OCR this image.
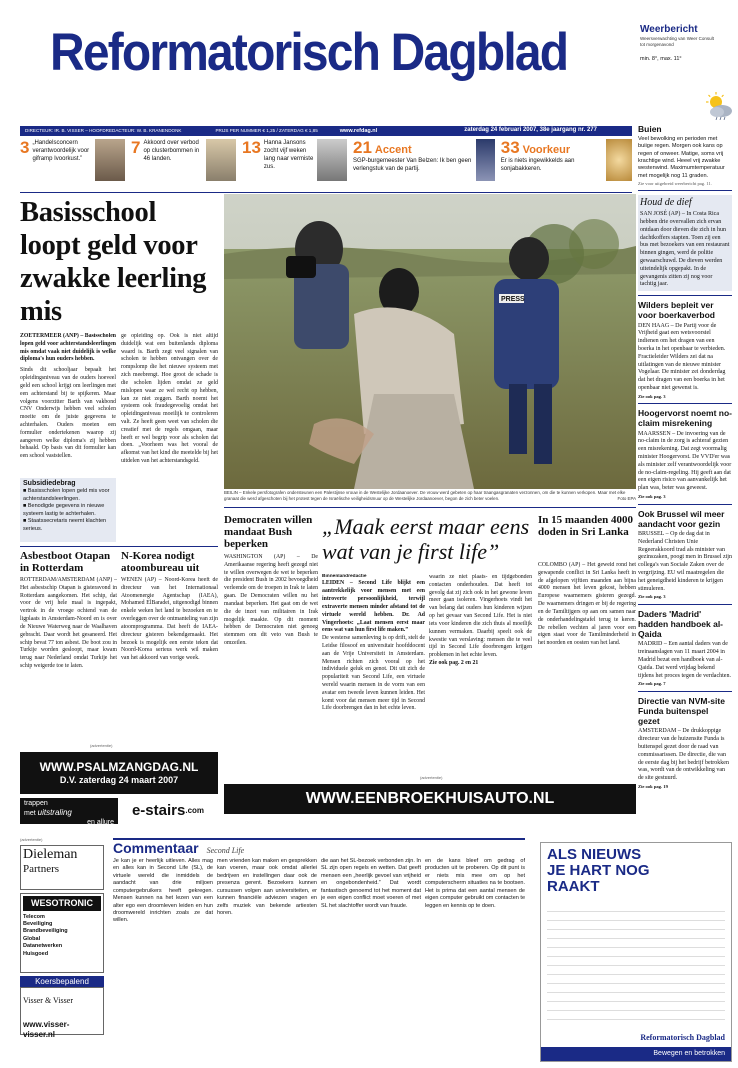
Reformatorisch Dagblad	Weerbericht
Weersverwachting van Weer Consult
tot morgenavond
min. 8°, max. 11°
DIRECTEUR: IR. B. VISSER – HOOFDREDACTEUR: W. B. KRANENDONK	PRIJS PER NUMMER € 1,25 / ZATERDAG € 1,85	www.refdag.nl	zaterdag 24 februari 2007, 38e jaargang nr. 277
3 „Handelsconcern verantwoordelijk voor giframp Ivoorkust.”
7 Akkoord over verbod op clusterbommen in 46 landen.
13 Hanna Jansons zocht vijf weken lang naar vermiste zus.
21 Accent
SGP-burgemeester Van Belzen: Ik ben geen verlengstuk van de partij.
33 Voorkeur
Er is niets ingewikkelds aan sonjabakkeren.
Buien
Veel bewolking en perioden met buiige regen. Morgen ook kans op regen of onweer. Matige, soms vrij krachtige wind. Heeel vrij zwakke westenwind. Maximumtemperatuur met mogelijk nog 11 graden.
Zie voor uitgebreid weerbericht pag. 11.
Houd de dief
SAN JOSÉ (AP) – In Costa Rica hebben drie overvallen zich ervan ontdaan door dieven die zich in hun dachtkoffers stapten. Toen zij een bus met bezoekers van een restaurant binnen gingen, werd de politie gewaarschuwd. De dieven werden uiteindelijk opgepakt. In de gevangenis zitten zij nog voor tachtig jaar.
Wilders bepleit ver voor boerkaverbod
DEN HAAG – De Partij voor de Vrijheid gaat een wetsvoorstel indienen om het dragen van een boerka in het openbaar te verbieden. Fractieleider Wilders zei dat na uitlatingen van de nieuwe minister Vogelaar. De minister zei donderdag dat het dragen van een boerka in het openbaar niet gewenst is.
Zie ook pag. 3
Hoogervorst noemt no-claim misrekening
MAARSSEN – De invoering van de no-claim in de zorg is achteraf gezien een misrekening. Dat zegt voormalig minister Hoogervorst. De VVD'er was als minister zelf verantwoordelijk voor de no-claim-regeling. Hij geeft aan dat een eigen risico van aanvankelijk het plan was, beter was geweest.
Zie ook pag. 3
Ook Brussel wil meer aandacht voor gezin
BRUSSEL – Op de dag dat in Nederland Christen Unie Regeerakkoord trad als minister van gezinszaken, poogt men in Brussel zijn collega's van Sociale Zaken over de vergrijzing. EU wil maatregelen die het geneigdheid kinderen te krijgen stimuleren.
Zie ook pag. 3
Daders 'Madrid' hadden handboek al-Qaida
MADRID – Een aantal daders van de treinaanslagen van 11 maart 2004 in Madrid bezat een handboek van al-Qaida. Dat werd vrijdag bekend tijdens het proces tegen de verdachten.
Zie ook pag. 7
Directie van NVM-site Funda buitenspel gezet
AMSTERDAM – De drukkoppige directeur van de huizensite Funda is buitenspel gezet door de raad van commissarissen. De directie, die van de eerste dag bij het bedrijf betrokken was, wordt van de ontwikkeling van de site gestuurd.
Zie ook pag. 19
Basisschool loopt geld voor zwakke leerling mis
ZOETERMEER (ANP) – Basisscholen lopen geld voor achterstandsleerlingen mis omdat vaak niet duidelijk is welke diploma's hun ouders hebben.
Sinds dit schooljaar bepaalt het opleidingsniveau van de ouders hoeveel geld een school krijgt om leerlingen met een achterstand bij te spijkeren. Maar volgens voorzitter Barth van vakbond CNV Onderwijs hebben veel scholen moeite om de juiste gegevens te achterhalen. Ouders moeten een formulier ondertekenen waarop zij aangeven welke diploma's zij hebben behaald. Op basis van dit formulier kan een school vaststellen.
ge opleiding op. Ook is niet altijd duidelijk wat een buitenlands diploma waard is. Barth zegt veel signalen van scholen te hebben ontvangen over de rompslomp die het nieuwe systeem met zich meebrengt. Hoe groot de schade is die scholen lijden omdat ze geld mislopen waar ze wel recht op hebben, kan ze niet zeggen. Barth noemt het systeem ook fraudegevoelig omdat het opleidingsniveau moeilijk te controleren valt. Ze heeft geen weet van scholen die creatief met de regels omgaan, maar heeft er wel begrip voor als scholen dat doen. „Voorheen was het vooral de afkomst van het kind die meetelde bij het uitdelen van het achterstandsgeld.
Subsidiedebrag
■ Basisscholen lopen geld mis voor achterstandsleerlingen.
■ Benodigde gegevens in nieuwe systeem lastig te achterhalen.
■ Staatssecretaris neemt klachten serieus.
PRESS
BEILIN – Enkele persfotografen ondersteunen een Palestijnse vrouw in de Westelijke Jordaanoever. De vrouw werd gebeten op haar traangasgranaten verzonnen, om die te kunnen verkopen. Maar met elke granaat die werd afgeschoten bij het protest tegen de Israëlische veiligheidsmuur op de Westelijke Jordaanoever, begon de zich beter voelen.	Foto EPA
Asbestboot Otapan in Rotterdam
ROTTERDAM/AMSTERDAM (ANP) – Het asbestschip Otapan is gisteravond in Rotterdam aangekomen. Het schip, dat voor de vrij hele maal is ingepakt, vertrok in de vroege ochtend van de ligplaats in Amsterdam-Noord en is over de Nieuwe Waterweg naar de Waalhaven gebracht. Daar wordt het gesaneerd. Het schip bevat 77 ton asbest. De boot zou in Turkije worden gesloopt, maar kwam terug naar Nederland omdat Turkije het schip weigerde toe te laten.
N-Korea nodigt atoombureau uit
WENEN (AP) – Noord-Korea heeft de directeur van het Internationaal Atoomenergie Agentschap (IAEA), Mohamed ElBaradei, uitgenodigd binnen enkele weken het land te bezoeken en te overleggen over de ontmanteling van zijn atoomprogramma. Dat heeft de IAEA-directeur gisteren bekendgemaakt. Het bezoek is mogelijk een eerste teken dat Noord-Korea serieus werk wil maken van het akkoord van vorige week.
Democraten willen mandaat Bush beperken
WASHINGTON (AP) – De Amerikaanse regering heeft gezegd niet te willen overwegen de wet te beperken die president Bush in 2002 bevoegdheid verleende om de troepen in Irak te laten gaan. De Democraten willen nu het mandaat beperken. Het gaat om de wet die de inzet van militairen in Irak mogelijk maakte. Op dit moment hebben de Democraten niet genoeg stemmen om dit veto van Bush te omzeilen.
„Maak eerst maar eens wat van je first life”
Binnenlandredactie
LEIDEN – Second Life blijkt een aantrekkelijk voor mensen met een introverte persoonlijkheid, terwijl extraverte mensen minder afstand tot de virtuele wereld hebben. Dr. Ad Vingerhoets: „Laat mensen eerst maar eens wat van hun first life maken.”
De westerse samenleving is op drift, stelt de Leidse filosoof en universitair hoofddocent aan de Vrije Universiteit in Amsterdam. Mensen richten zich vooral op het individuele geluk en genot. Dit uit zich de populariteit van Second Life, een virtuele wereld waarin mensen in de vorm van een avatar een tweede leven kunnen leiden. Het komt voor dat mensen meer tijd in Second Life doorbrengen dan in het echte leven.
waarin ze niet plaats- en tijdgebonden contacten onderhouden. Dat heeft tot gevolg dat zij zich ook in het gewone leven meer gaan isoleren. Vingerhoets vindt het van belang dat ouders hun kinderen wijzen op het gevaar van Second Life. Het is niet iets voor kinderen die zich thuis al moeilijk kunnen vermaken. Daarbij speelt ook de kwestie van verslaving: mensen die te veel tijd in Second Life doorbrengen krijgen problemen in het echte leven.
Zie ook pag. 2 en 21
In 15 maanden 4000 doden in Sri Lanka
COLOMBO (AP) – Het geweld rond het gewapende conflict in Sri Lanka heeft in de afgelopen vijftien maanden aan bijna 4000 mensen het leven gekost, hebben Europese waarnemers gisteren gezegd. De waarnemers dringen er bij de regering en de Tamiltijgers op aan om samen naar de onderhandelingstafel terug te keren. De rebellen vechten al jaren voor een eigen staat voor de Tamilminderheid in het noorden en oosten van het land.
(advertentie)
WWW.PSALMZANGDAG.NL
D.V. zaterdag 24 maart 2007
trappen
met uitstraling
en allure
e-stairs .com
(advertentie)
WWW.EENBROEKHUISAUTO.NL
(advertentie)
Dieleman
Partners
WESOTRONIC
Telecom
Beveiliging
Brandbeveiliging
Global
Datanetwerken
Huisgoed
Koersbepalend
Visser & Visser
www.visser-visser.nl
Commentaar Second Life
Je kan je er heerlijk uitleven. Alles mag en alles kan in Second Life (SL), de virtuele wereld die inmiddels de aandacht van drie miljoen computergebruikers heeft gekregen. Mensen kunnen na het lezen van een alter ego een droomleven leiden en hun droomwereld inrichten zoals ze dat willen.
men vrienden kan maken en gesprekken kan voeren, maar ook omdat allerlei bedrijven en instellingen daar ook de presenza gerent. Bezoekers kunnen cursussen volgen aan universiteiten, er kunnen financiële adviezen vragen en zelfs muziek van bekende artiesten horen.
die aan het SL-bezoek verbonden zijn. In SL zijn open regels en wetten. Dat geeft mensen een „heerlijk gevoel van vrijheid en ongebondenheid.” Dat wordt fantastisch genoemd tot het moment dat je een eigen conflict moet voeren of met SL het slachtoffer wordt van fraude.
en de kans bleef om gedrag of producten uit te proberen. Op dit punt is er niets mis mee om op het computerscherm situaties na te bootsen. Het is prima dat een aantal mensen de eigen computer gebruikt om contacten te leggen en kennis op te doen.
ALS NIEUWS JE HART NOG RAAKT
Reformatorisch Dagblad
Bewegen en betrokken
